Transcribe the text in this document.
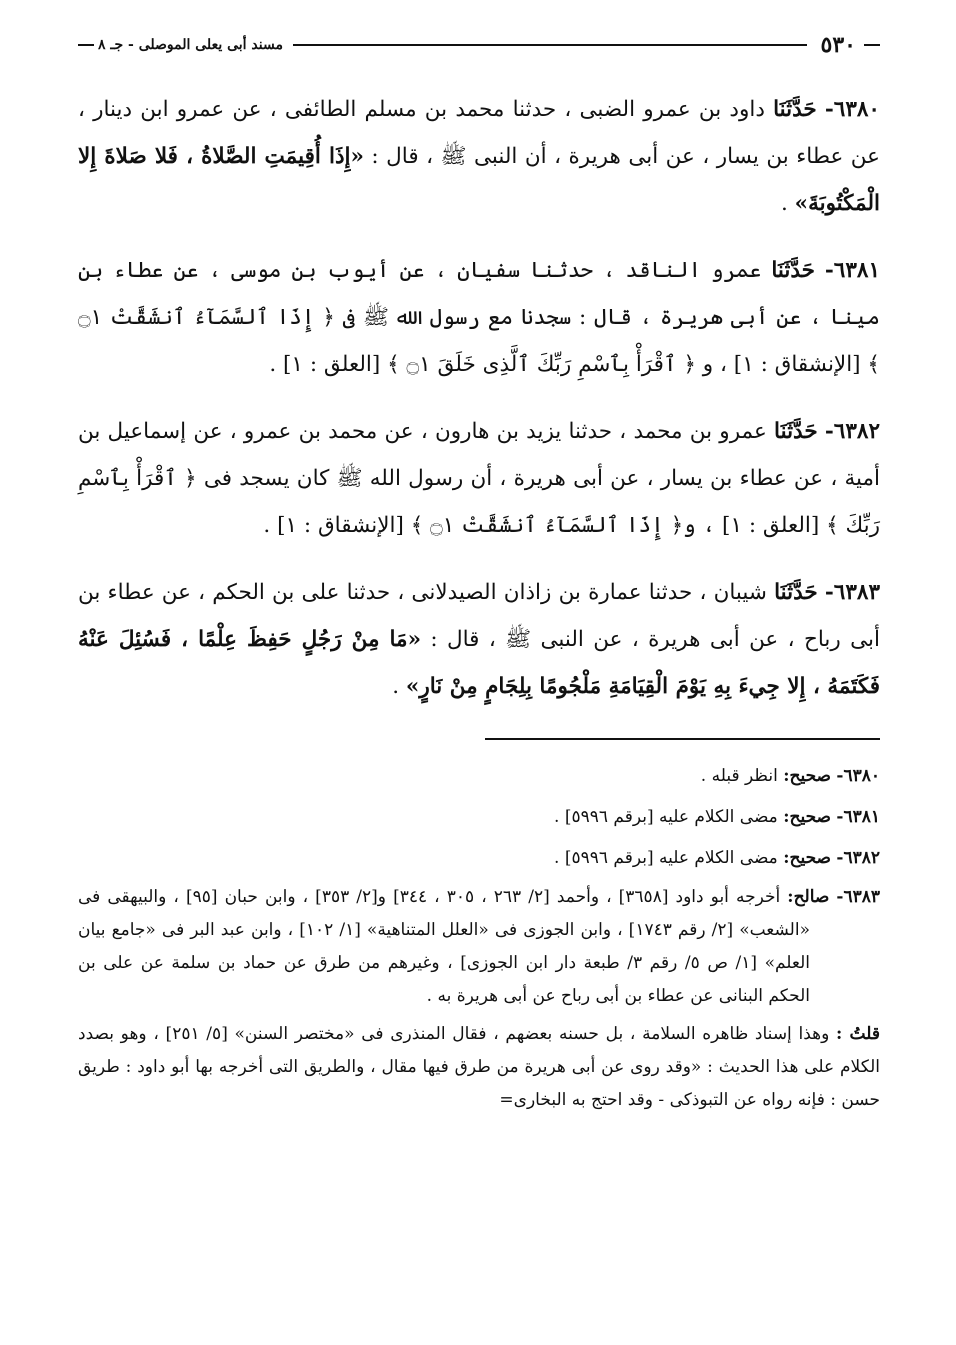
٥٣٠
مسند أبى يعلى الموصلى - جـ ٨

٦٣٨٠- حَدَّثَنَا داود بن عمرو الضبى ، حدثنا محمد بن مسلم الطائفى ، عن عمرو ابن دينار ، عن عطاء بن يسار ، عن أبى هريرة ، أن النبى ﷺ ، قال : «إِذَا أُقِيمَتِ الصَّلاةُ ، فَلا صَلاةَ إِلا الْمَكْتُوبَةَ» .

٦٣٨١- حَدَّثَنَا عمرو الناقد ، حدثنا سفيان ، عن أيوب بن موسى ، عن عطاء بن مينا ، عن أبى هريرة ، قال : سجدنا مع رسول الله ﷺ فى ﴿ إِذَا ٱلسَّمَآءُ ٱنشَقَّتْ ۝١ ﴾ [الإنشقاق : ١] ، و ﴿ ٱقْرَأْ بِٱسْمِ رَبِّكَ ٱلَّذِى خَلَقَ ۝١ ﴾ [العلق : ١] .

٦٣٨٢- حَدَّثَنَا عمرو بن محمد ، حدثنا يزيد بن هارون ، عن محمد بن عمرو ، عن إسماعيل بن أمية ، عن عطاء بن يسار ، عن أبى هريرة ، أن رسول الله ﷺ كان يسجد فى ﴿ ٱقْرَأْ بِٱسْمِ رَبِّكَ ﴾ [العلق : ١] ، و﴿ إِذَا ٱلسَّمَآءُ ٱنشَقَّتْ ۝١ ﴾ [الإنشقاق : ١] .

٦٣٨٣- حَدَّثَنَا شيبان ، حدثنا عمارة بن زاذان الصيدلانى ، حدثنا على بن الحكم ، عن عطاء بن أبى رباح ، عن أبى هريرة ، عن النبى ﷺ ، قال : «مَا مِنْ رَجُلٍ حَفِظَ عِلْمًا ، فَسُئِلَ عَنْهُ فَكَتَمَهُ ، إِلا جِيءَ بِهِ يَوْمَ الْقِيَامَةِ مَلْجُومًا بِلِجَامٍ مِنْ نَارٍ» .

٦٣٨٠- صحيح: انظر قبله .

٦٣٨١- صحيح: مضى الكلام عليه [برقم ٥٩٩٦] .

٦٣٨٢- صحيح: مضى الكلام عليه [برقم ٥٩٩٦] .

٦٣٨٣- صالح: أخرجه أبو داود [٣٦٥٨] ، وأحمد [٢/ ٢٦٣ ، ٣٠٥ ، ٣٤٤] و[٢/ ٣٥٣] ، وابن حبان [٩٥] ، والبيهقى فى «الشعب» [٢/ رقم ١٧٤٣] ، وابن الجوزى فى «العلل المتناهية» [١/ ١٠٢] ، وابن عبد البر فى «جامع بيان العلم» [١/ ص ٥/ رقم ٣/ طبعة دار ابن الجوزى] ، وغيرهم من طرق عن حماد بن سلمة عن على بن الحكم البنانى عن عطاء بن أبى رباح عن أبى هريرة به .

قلتُ : وهذا إسناد ظاهره السلامة ، بل حسنه بعضهم ، فقال المنذرى فى «مختصر السنن» [٥/ ٢٥١] ، وهو بصدد الكلام على هذا الحديث : «وقد روى عن أبى هريرة من طرق فيها مقال ، والطريق التى أخرجه بها أبو داود : طريق حسن : فإنه رواه عن التبوذكى - وقد احتج به البخارى=
